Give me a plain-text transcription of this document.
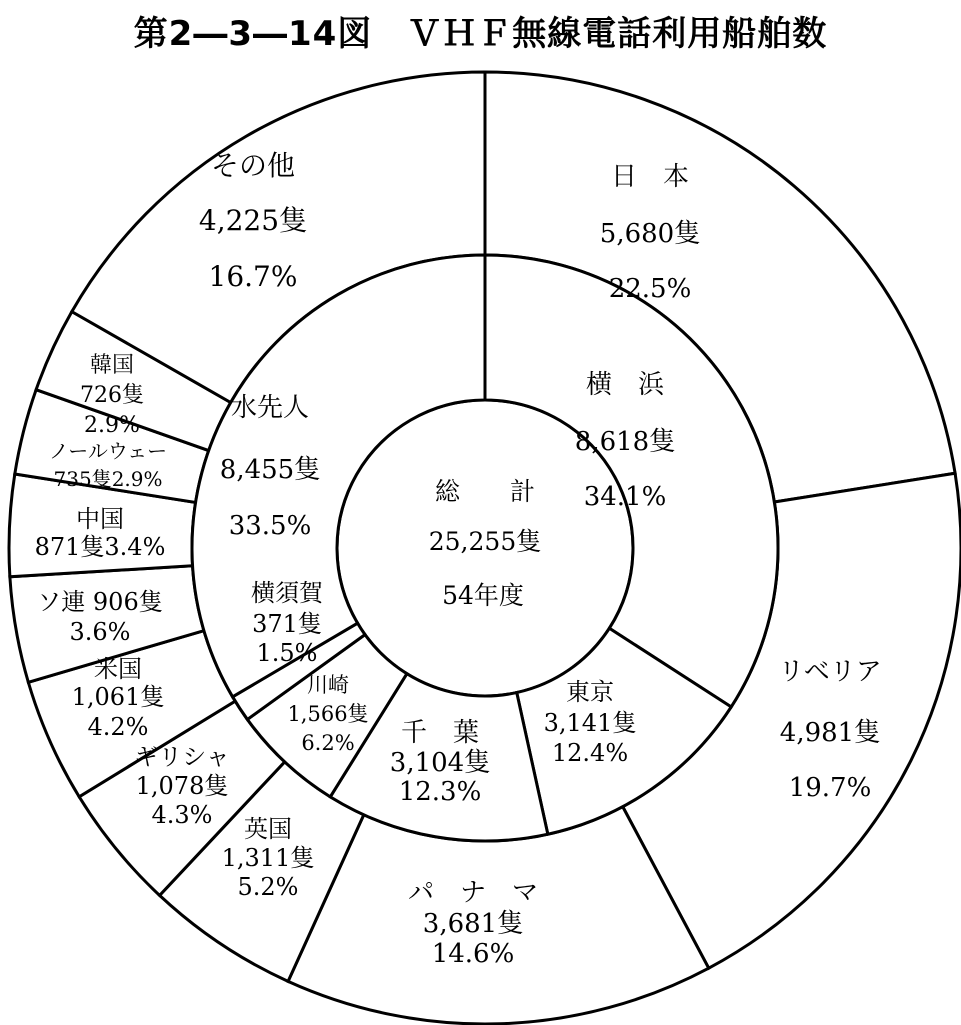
第2―3―14図　ＶＨＦ無線電話利用船舶数
総　　計
25,255隻
54年度
日　本
5,680隻
22.5%
リベリア
4,981隻
19.7%
パ　ナ　マ
3,681隻
14.6%
英国
1,311隻
5.2%
ギリシャ
1,078隻
4.3%
米国
1,061隻
4.2%
ソ連 906隻
3.6%
中国
871隻3.4%
ノールウェー
735隻2.9%
韓国
726隻
2.9%
その他
4,225隻
16.7%
横　浜
8,618隻
34.1%
東京
3,141隻
12.4%
千　葉
3,104隻
12.3%
川崎
1,566隻
6.2%
横須賀
371隻
1.5%
水先人
8,455隻
33.5%
